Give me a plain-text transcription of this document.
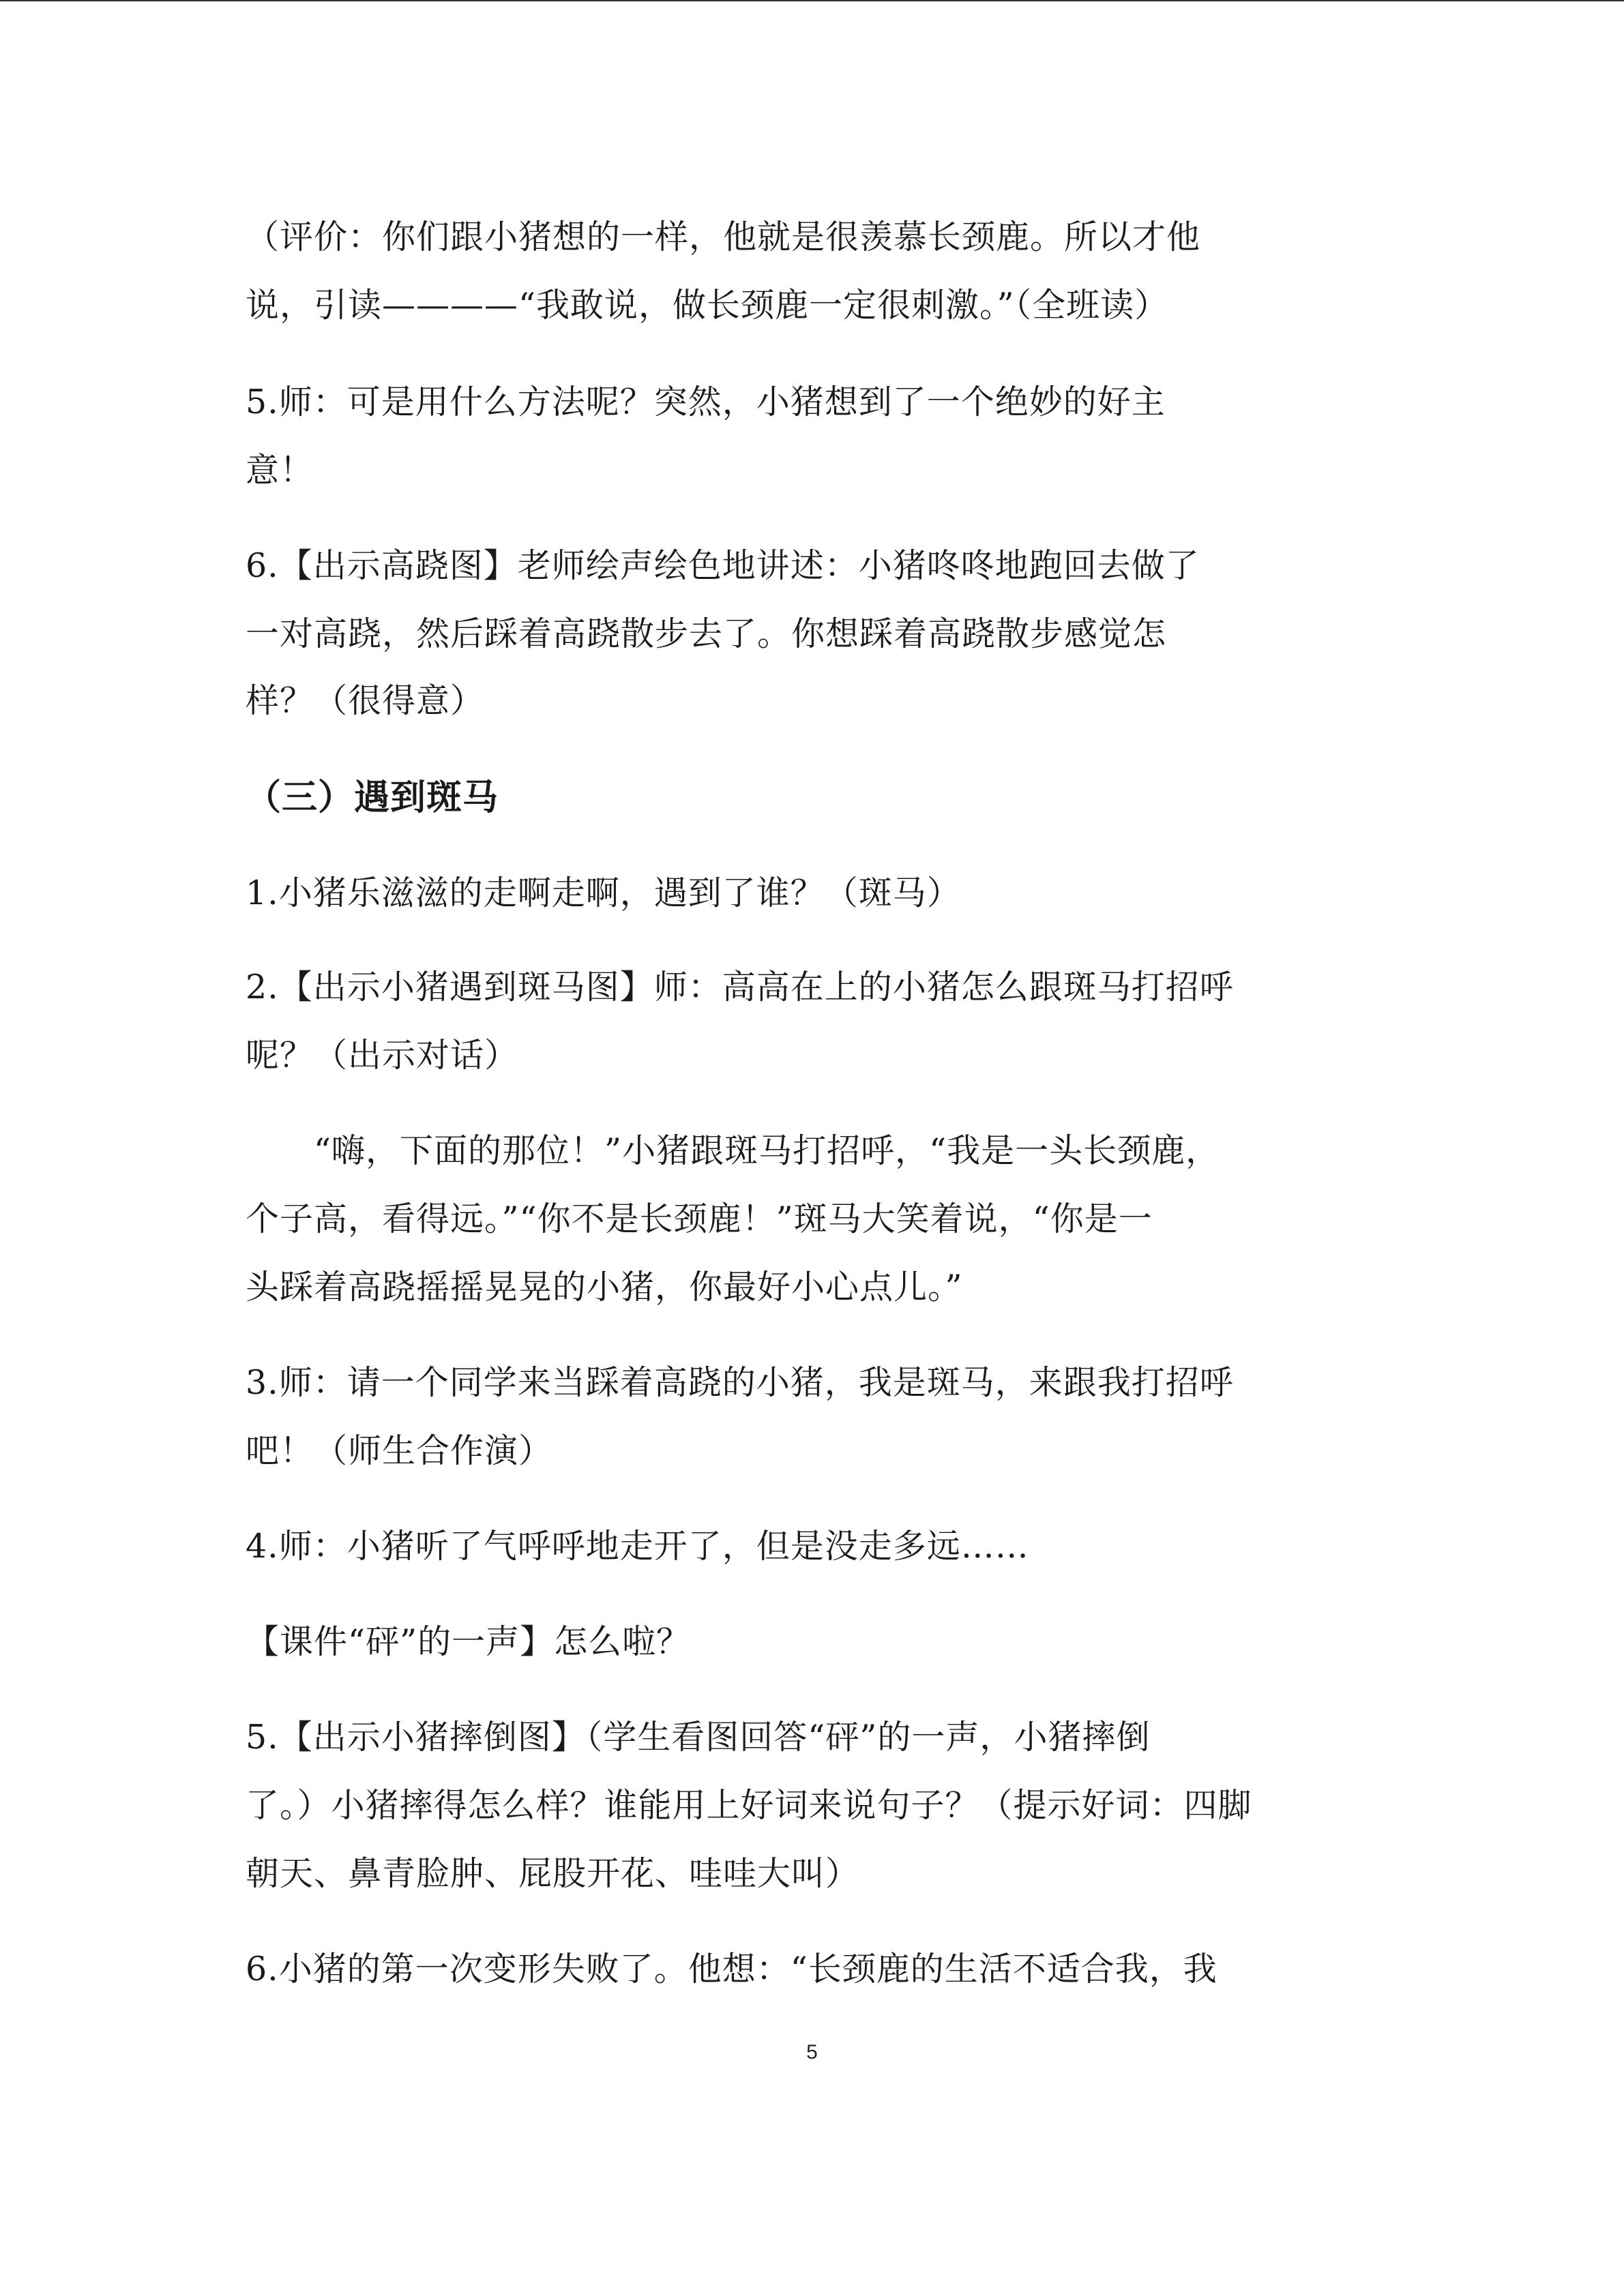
（评价：你们跟小猪想的一样，他就是很羡慕长颈鹿。所以才他
说，引读————“我敢说，做长颈鹿一定很刺激。”（全班读）
5.师：可是用什么方法呢？突然，小猪想到了一个绝妙的好主
意！
6.【出示高跷图】老师绘声绘色地讲述：小猪咚咚地跑回去做了
一对高跷，然后踩着高跷散步去了。你想踩着高跷散步感觉怎
样？（很得意）
（三）遇到斑马
1.小猪乐滋滋的走啊走啊，遇到了谁？（斑马）
2.【出示小猪遇到斑马图】师：高高在上的小猪怎么跟斑马打招呼
呢？（出示对话）
“嗨，下面的那位！”小猪跟斑马打招呼，“我是一头长颈鹿，
个子高，看得远。”“你不是长颈鹿！”斑马大笑着说，“你是一
头踩着高跷摇摇晃晃的小猪，你最好小心点儿。”
3.师：请一个同学来当踩着高跷的小猪，我是斑马，来跟我打招呼
吧！（师生合作演）
4.师：小猪听了气呼呼地走开了，但是没走多远……
【课件“砰”的一声】怎么啦？
5.【出示小猪摔倒图】（学生看图回答“砰”的一声，小猪摔倒
了。）小猪摔得怎么样？谁能用上好词来说句子？（提示好词：四脚
朝天、鼻青脸肿、屁股开花、哇哇大叫）
6.小猪的第一次变形失败了。他想：“长颈鹿的生活不适合我，我
5
